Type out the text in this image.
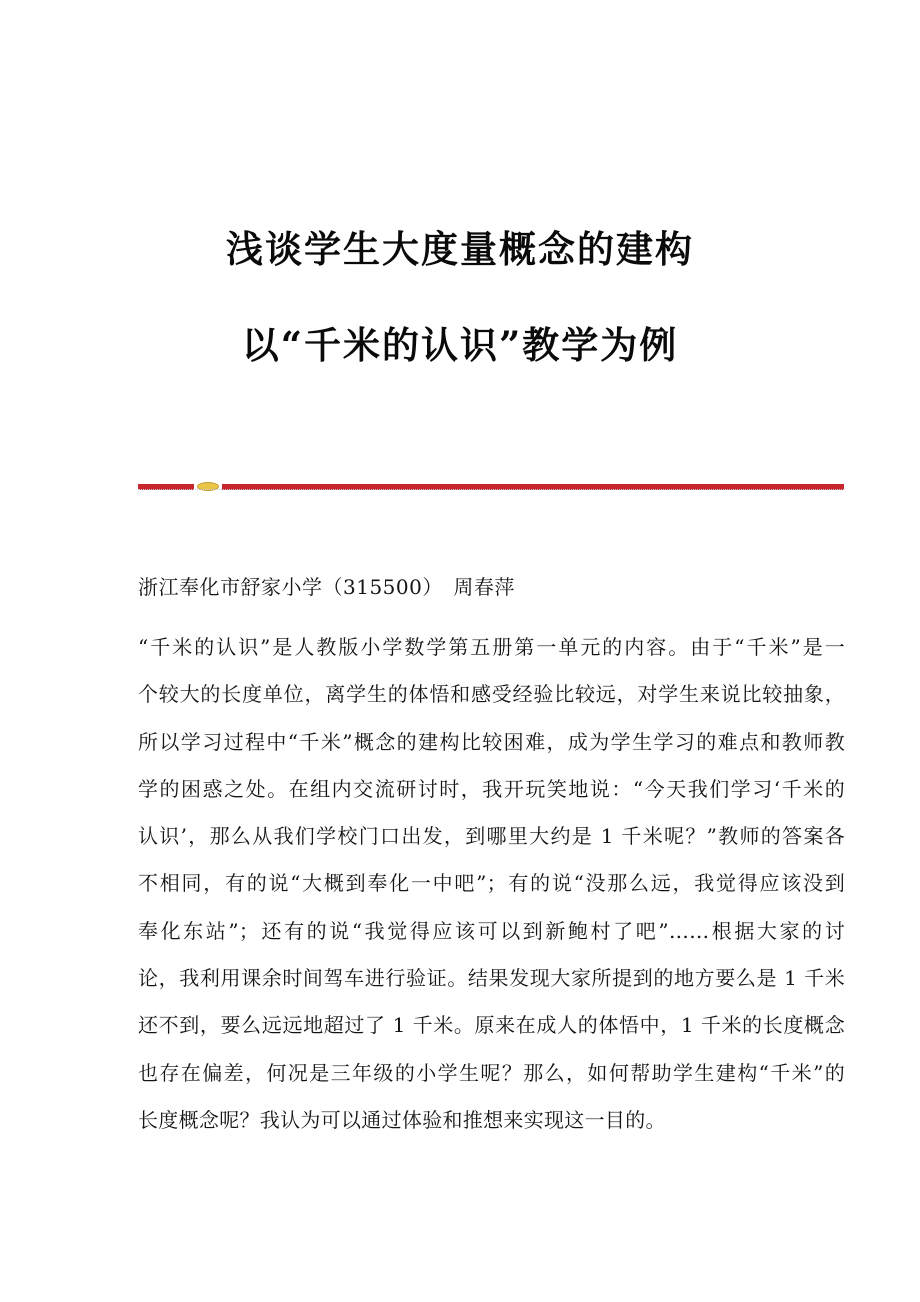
浅谈学生大度量概念的建构
以“千米的认识”教学为例
浙江奉化市舒家小学（315500）　周春萍
“千米的认识”是人教版小学数学第五册第一单元的内容。由于“千米”是一
个较大的长度单位，离学生的体悟和感受经验比较远，对学生来说比较抽象，
所以学习过程中“千米”概念的建构比较困难，成为学生学习的难点和教师教
学的困惑之处。在组内交流研讨时，我开玩笑地说：“今天我们学习‘千米的
认识’，那么从我们学校门口出发，到哪里大约是 1 千米呢？”教师的答案各
不相同，有的说“大概到奉化一中吧”；有的说“没那么远，我觉得应该没到
奉化东站”；还有的说“我觉得应该可以到新鲍村了吧”……根据大家的讨
论，我利用课余时间驾车进行验证。结果发现大家所提到的地方要么是 1 千米
还不到，要么远远地超过了 1 千米。原来在成人的体悟中，1 千米的长度概念
也存在偏差，何况是三年级的小学生呢？那么，如何帮助学生建构“千米”的
长度概念呢？我认为可以通过体验和推想来实现这一目的。
